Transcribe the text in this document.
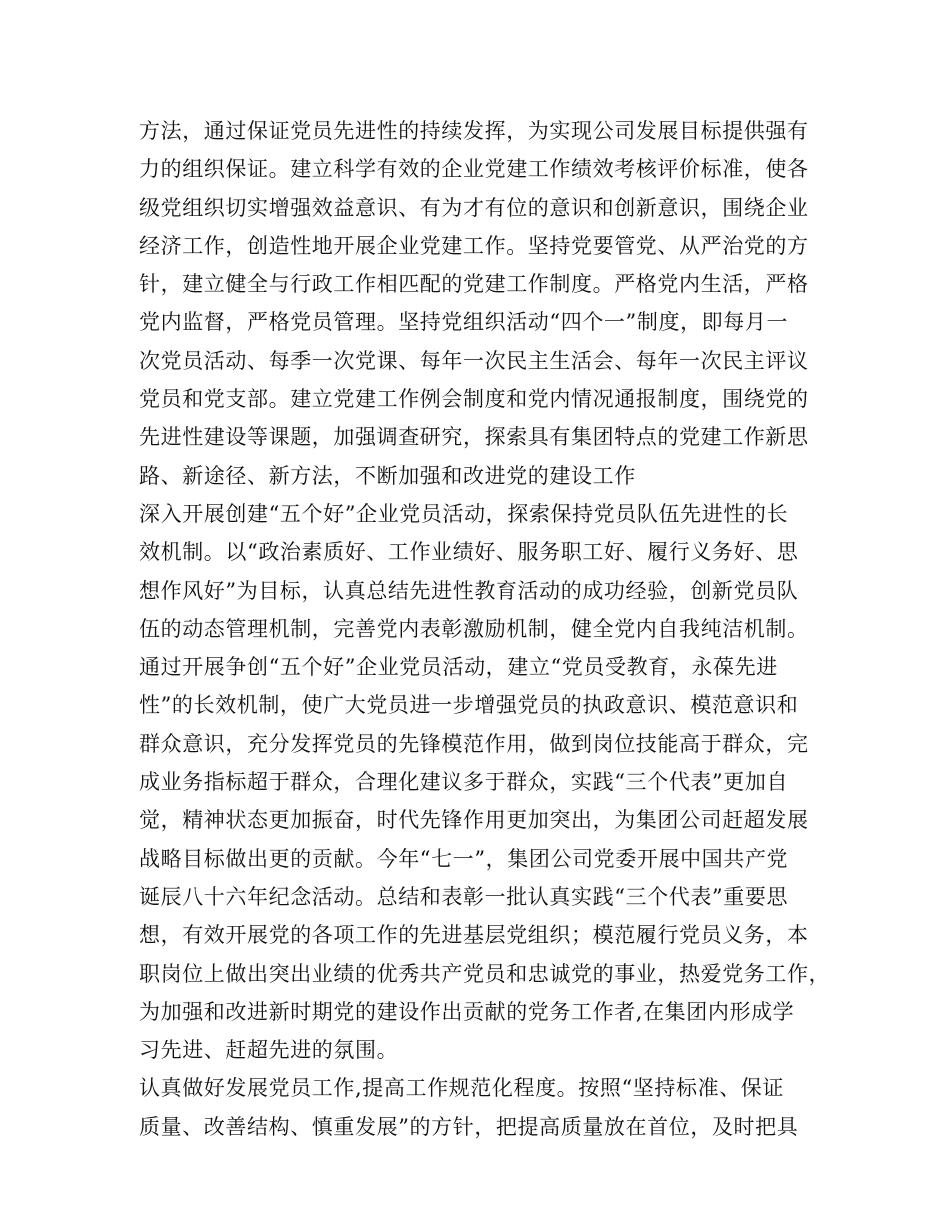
方法，通过保证党员先进性的持续发挥，为实现公司发展目标提供强有
力的组织保证。建立科学有效的企业党建工作绩效考核评价标准，使各
级党组织切实增强效益意识、有为才有位的意识和创新意识，围绕企业
经济工作，创造性地开展企业党建工作。坚持党要管党、从严治党的方
针，建立健全与行政工作相匹配的党建工作制度。严格党内生活，严格
党内监督，严格党员管理。坚持党组织活动“四个一”制度，即每月一
次党员活动、每季一次党课、每年一次民主生活会、每年一次民主评议
党员和党支部。建立党建工作例会制度和党内情况通报制度，围绕党的
先进性建设等课题，加强调查研究，探索具有集团特点的党建工作新思
路、新途径、新方法，不断加强和改进党的建设工作
深入开展创建“五个好”企业党员活动，探索保持党员队伍先进性的长
效机制。以“政治素质好、工作业绩好、服务职工好、履行义务好、思
想作风好”为目标，认真总结先进性教育活动的成功经验，创新党员队
伍的动态管理机制，完善党内表彰激励机制，健全党内自我纯洁机制。
通过开展争创“五个好”企业党员活动，建立“党员受教育，永葆先进
性”的长效机制，使广大党员进一步增强党员的执政意识、模范意识和
群众意识，充分发挥党员的先锋模范作用，做到岗位技能高于群众，完
成业务指标超于群众，合理化建议多于群众，实践“三个代表”更加自
觉，精神状态更加振奋，时代先锋作用更加突出，为集团公司赶超发展
战略目标做出更的贡献。今年“七一”，集团公司党委开展中国共产党
诞辰八十六年纪念活动。总结和表彰一批认真实践“三个代表”重要思
想，有效开展党的各项工作的先进基层党组织；模范履行党员义务，本
职岗位上做出突出业绩的优秀共产党员和忠诚党的事业，热爱党务工作，
为加强和改进新时期党的建设作出贡献的党务工作者,在集团内形成学
习先进、赶超先进的氛围。
认真做好发展党员工作,提高工作规范化程度。按照“坚持标准、保证
质量、改善结构、慎重发展”的方针，把提高质量放在首位，及时把具
